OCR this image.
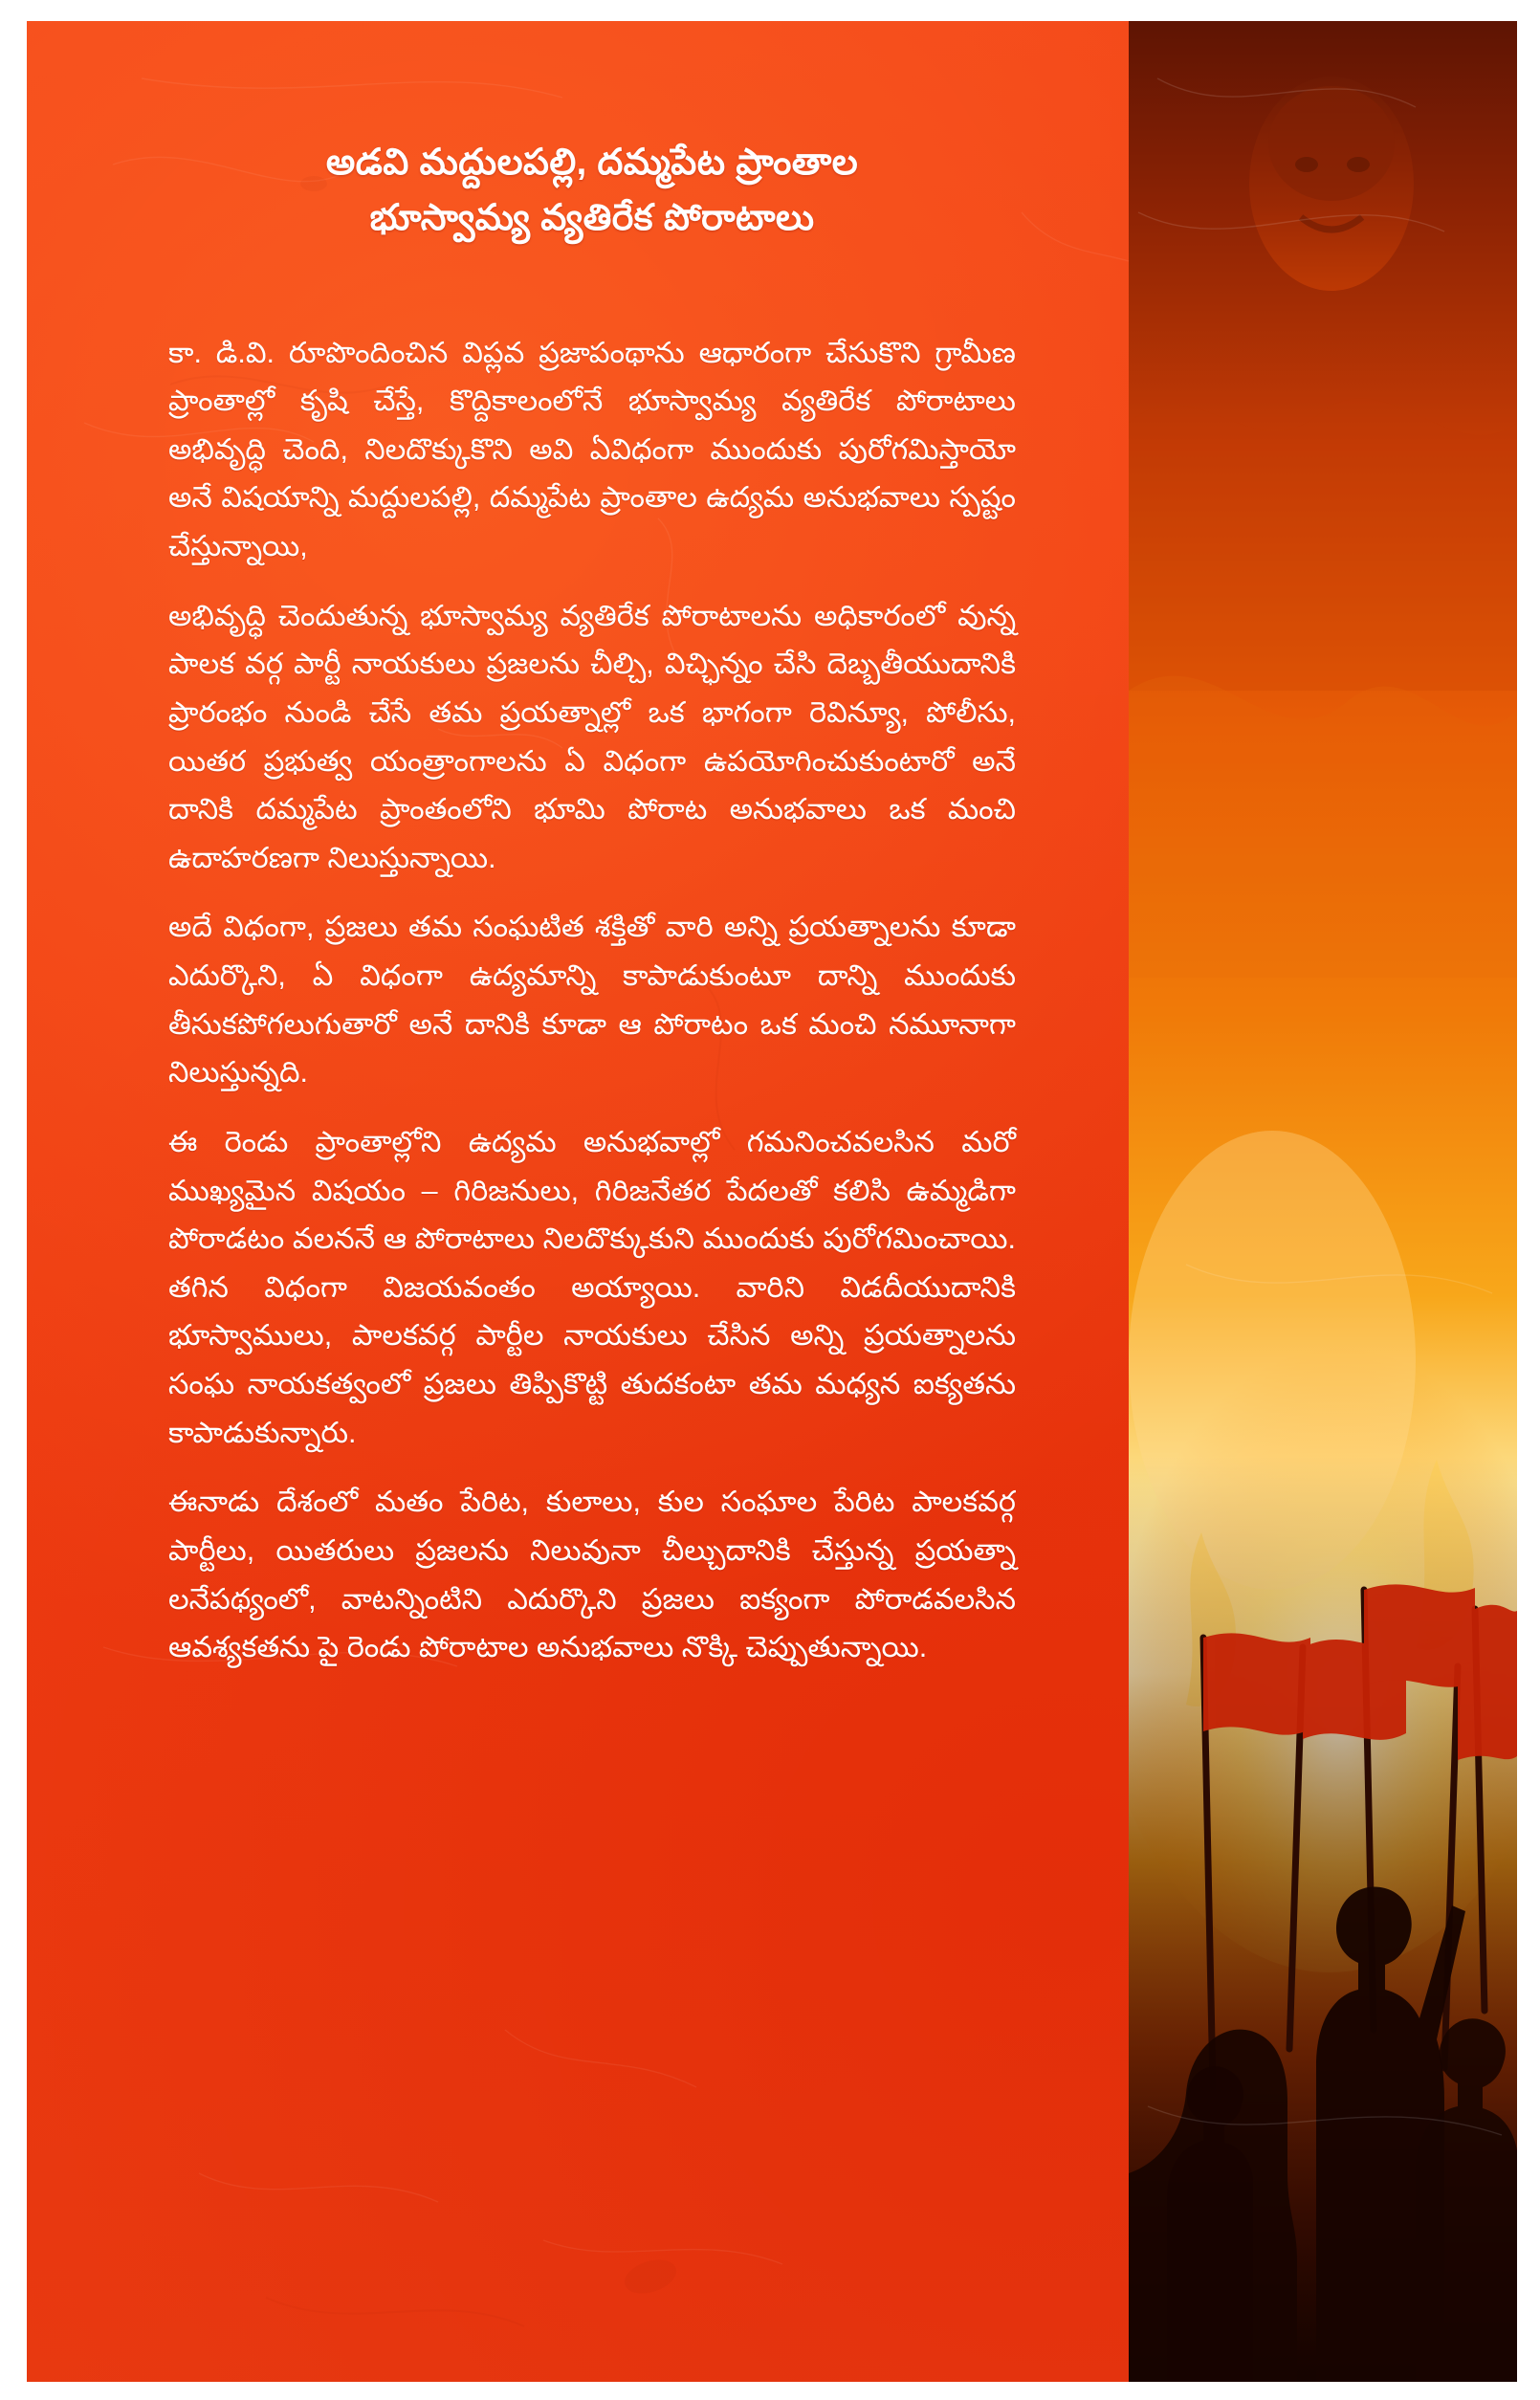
అడవి మద్దులపల్లి, దమ్మపేట ప్రాంతాల
భూస్వామ్య వ్యతిరేక పోరాటాలు

కా. డి.వి. రూపొందించిన విప్లవ ప్రజాపంథాను ఆధారంగా చేసుకొని గ్రామీణ ప్రాంతాల్లో కృషి చేస్తే, కొద్దికాలంలోనే భూస్వామ్య వ్యతిరేక పోరాటాలు అభివృద్ధి చెంది, నిలదొక్కుకొని అవి ఏవిధంగా ముందుకు పురోగమిస్తాయో అనే విషయాన్ని మద్దులపల్లి, దమ్మపేట ప్రాంతాల ఉద్యమ అనుభవాలు స్పష్టం చేస్తున్నాయి,

అభివృద్ధి చెందుతున్న భూస్వామ్య వ్యతిరేక పోరాటాలను అధికారంలో వున్న పాలక వర్గ పార్టీ నాయకులు ప్రజలను చీల్చి, విచ్ఛిన్నం చేసి దెబ్బతీయుదానికి ప్రారంభం నుండి చేసే తమ ప్రయత్నాల్లో ఒక భాగంగా రెవిన్యూ, పోలీసు, యితర ప్రభుత్వ యంత్రాంగాలను ఏ విధంగా ఉపయోగించుకుంటారో అనే దానికి దమ్మపేట ప్రాంతంలోని భూమి పోరాట అనుభవాలు ఒక మంచి ఉదాహరణగా నిలుస్తున్నాయి.

అదే విధంగా, ప్రజలు తమ సంఘటిత శక్తితో వారి అన్ని ప్రయత్నాలను కూడా ఎదుర్కొని, ఏ విధంగా ఉద్యమాన్ని కాపాడుకుంటూ దాన్ని ముందుకు తీసుకపోగలుగుతారో అనే దానికి కూడా ఆ పోరాటం ఒక మంచి నమూనాగా నిలుస్తున్నది.

ఈ రెండు ప్రాంతాల్లోని ఉద్యమ అనుభవాల్లో గమనించవలసిన మరో ముఖ్యమైన విషయం – గిరిజనులు, గిరిజనేతర పేదలతో కలిసి ఉమ్మడిగా పోరాడటం వలననే ఆ పోరాటాలు నిలదొక్కుకుని ముందుకు పురోగమించాయి. తగిన విధంగా విజయవంతం అయ్యాయి. వారిని విడదీయుదానికి భూస్వాములు, పాలకవర్గ పార్టీల నాయకులు చేసిన అన్ని ప్రయత్నాలను సంఘ నాయకత్వంలో ప్రజలు తిప్పికొట్టి తుదకంటా తమ మధ్యన ఐక్యతను కాపాడుకున్నారు.

ఈనాడు దేశంలో మతం పేరిట, కులాలు, కుల సంఘాల పేరిట పాలకవర్గ పార్టీలు, యితరులు ప్రజలను నిలువునా చీల్చుదానికి చేస్తున్న ప్రయత్నా లనేపథ్యంలో, వాటన్నింటిని ఎదుర్కొని ప్రజలు ఐక్యంగా పోరాడవలసిన ఆవశ్యకతను పై రెండు పోరాటాల అనుభవాలు నొక్కి చెప్పుతున్నాయి.
